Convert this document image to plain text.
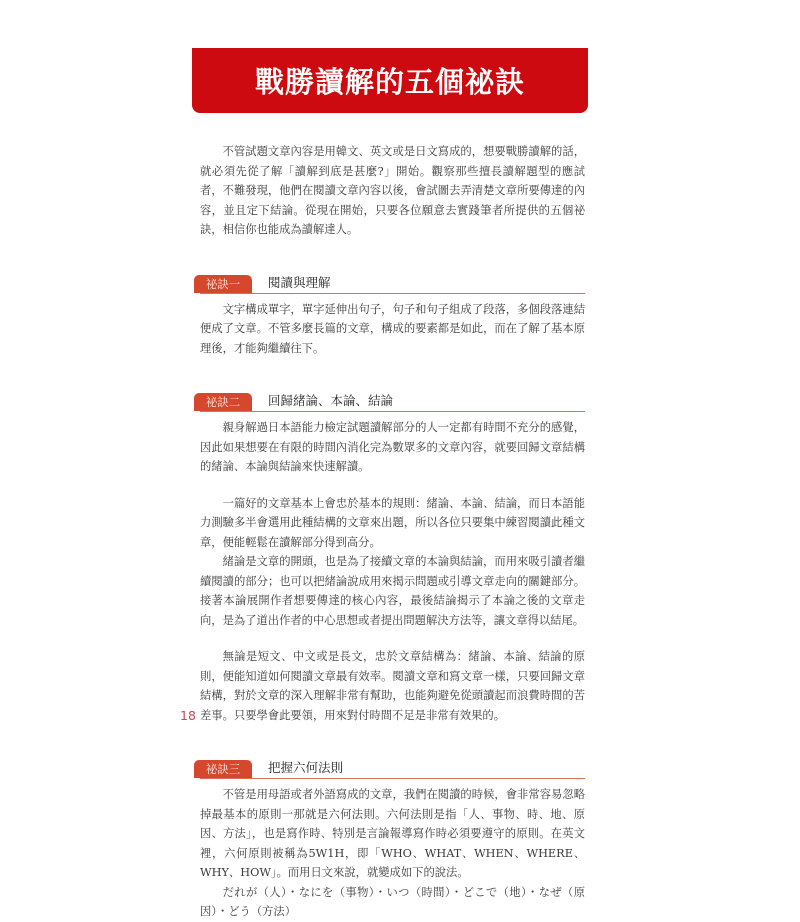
戰勝讀解的五個祕訣

不管試題文章內容是用韓文、英文或是日文寫成的，想要戰勝讀解的話，就必須先從了解「讀解到底是甚麼?」開始。觀察那些擅長讀解題型的應試者，不難發現，他們在閱讀文章內容以後，會試圖去弄清楚文章所要傳達的內容，並且定下結論。從現在開始，只要各位願意去實踐筆者所提供的五個祕訣，相信你也能成為讀解達人。

祕訣一	閱讀與理解

文字構成單字，單字延伸出句子，句子和句子組成了段落，多個段落連結便成了文章。不管多麼長篇的文章，構成的要素都是如此，而在了解了基本原理後，才能夠繼續往下。

祕訣二	回歸緒論、本論、結論

親身解過日本語能力檢定試題讀解部分的人一定都有時間不充分的感覺，因此如果想要在有限的時間內消化完為數眾多的文章內容，就要回歸文章結構的緒論、本論與結論來快速解讀。

一篇好的文章基本上會忠於基本的規則：緒論、本論、結論，而日本語能力測驗多半會選用此種結構的文章來出題，所以各位只要集中練習閱讀此種文章，便能輕鬆在讀解部分得到高分。

緒論是文章的開頭，也是為了接續文章的本論與結論，而用來吸引讀者繼續閱讀的部分；也可以把緒論說成用來揭示問題或引導文章走向的關鍵部分。接著本論展開作者想要傳達的核心內容，最後結論揭示了本論之後的文章走向，是為了道出作者的中心思想或者提出問題解決方法等，讓文章得以結尾。

無論是短文、中文或是長文，忠於文章結構為：緒論、本論、結論的原則，便能知道如何閱讀文章最有效率。閱讀文章和寫文章一樣，只要回歸文章結構，對於文章的深入理解非常有幫助，也能夠避免從頭讀起而浪費時間的苦差事。只要學會此要領，用來對付時間不足是非常有效果的。

祕訣三	把握六何法則

不管是用母語或者外語寫成的文章，我們在閱讀的時候，會非常容易忽略掉最基本的原則一那就是六何法則。六何法則是指「人、事物、時、地、原因、方法」，也是寫作時、特別是言論報導寫作時必須要遵守的原則。在英文裡，六何原則被稱為5W1H，即「WHO、WHAT、WHEN、WHERE、WHY、HOW」。而用日文來說，就變成如下的說法。

だれが（人）・なにを（事物）・いつ（時間）・どこで（地）・なぜ（原因）・どう（方法）

18
